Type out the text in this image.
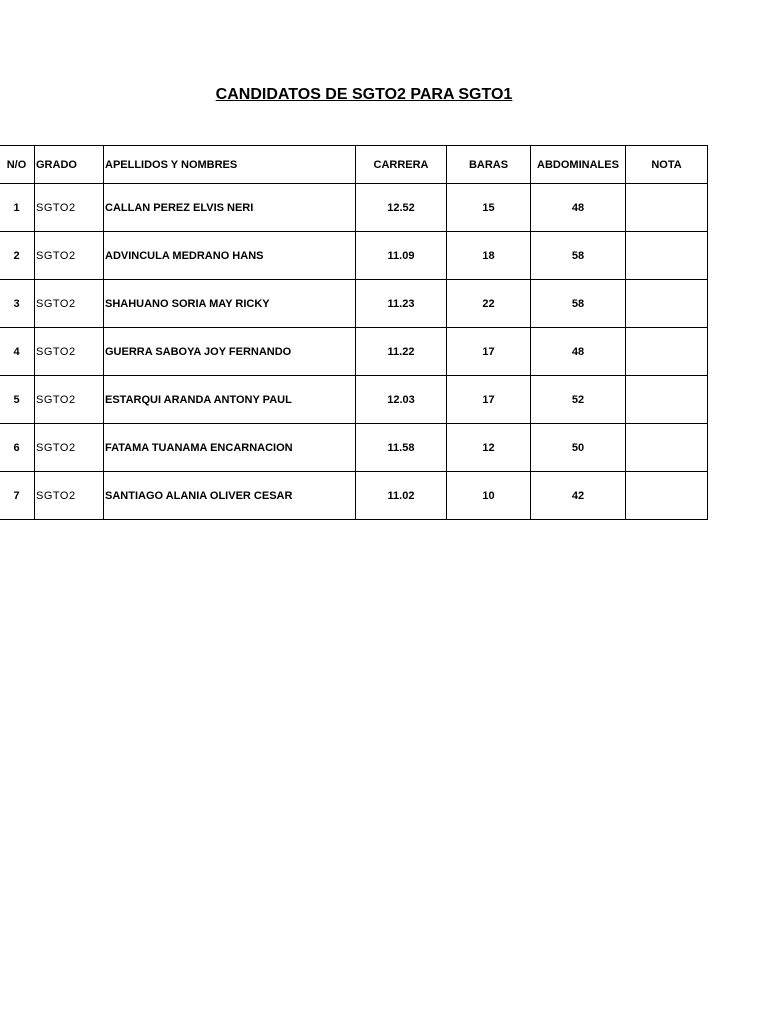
CANDIDATOS DE SGTO2 PARA SGTO1
N/O	GRADO	APELLIDOS Y NOMBRES	CARRERA	BARAS	ABDOMINALES	NOTA
1	SGTO2	CALLAN PEREZ ELVIS NERI	12.52	15	48	
2	SGTO2	ADVINCULA MEDRANO HANS	11.09	18	58	
3	SGTO2	SHAHUANO SORIA MAY RICKY	11.23	22	58	
4	SGTO2	GUERRA SABOYA JOY FERNANDO	11.22	17	48	
5	SGTO2	ESTARQUI ARANDA ANTONY PAUL	12.03	17	52	
6	SGTO2	FATAMA TUANAMA ENCARNACION	11.58	12	50	
7	SGTO2	SANTIAGO ALANIA OLIVER CESAR	11.02	10	42	
